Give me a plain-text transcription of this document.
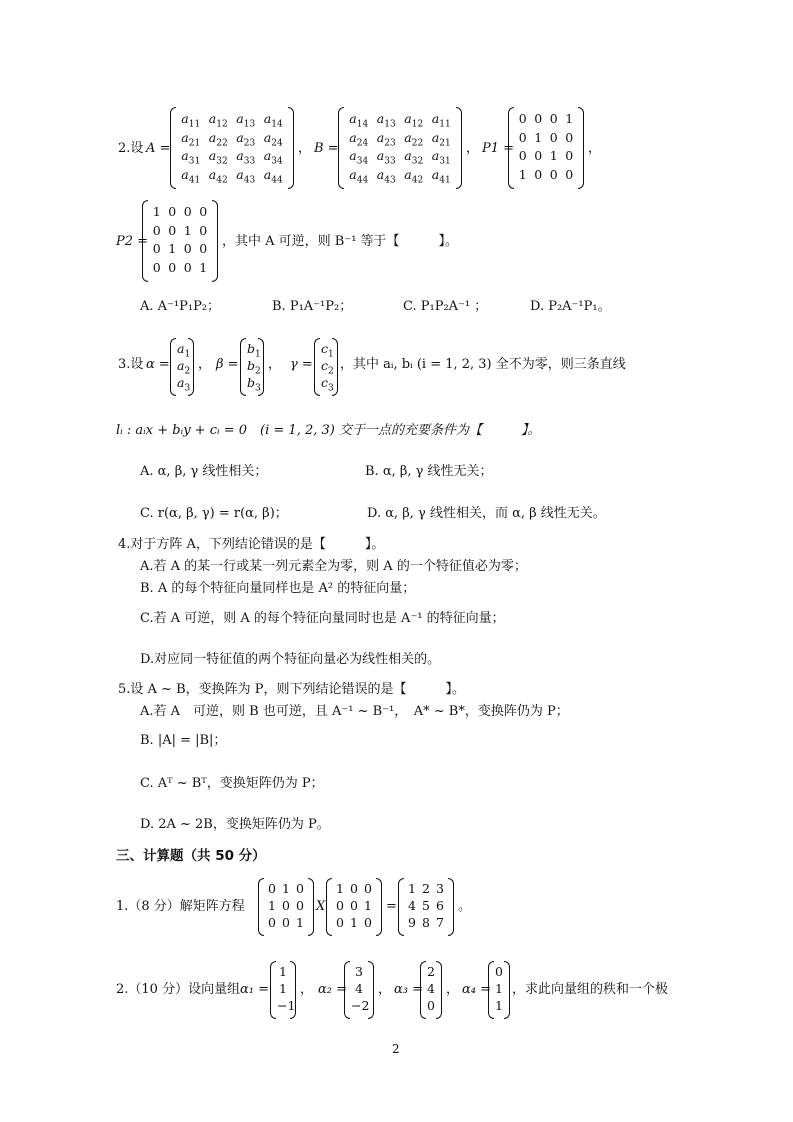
2.设 A =
$a_{11}$ $a_{12}$ $a_{13}$ $a_{14}$
$a_{21}$ $a_{22}$ $a_{23}$ $a_{24}$
$a_{31}$ $a_{32}$ $a_{33}$ $a_{34}$
$a_{41}$ $a_{42}$ $a_{43}$ $a_{44}$
， B =
$a_{14}$ $a_{13}$ $a_{12}$ $a_{11}$
$a_{24}$ $a_{23}$ $a_{22}$ $a_{21}$
$a_{34}$ $a_{33}$ $a_{32}$ $a_{31}$
$a_{44}$ $a_{43}$ $a_{42}$ $a_{41}$
， P1 =
0 0 0 1
0 1 0 0
0 0 1 0
1 0 0 0
，
P2 =
1 0 0 0
0 0 1 0
0 1 0 0
0 0 0 1
，其中 A 可逆，则 B⁻¹ 等于【　　　】。
A. A⁻¹P₁P₂；	B. P₁A⁻¹P₂；	C. P₁P₂A⁻¹ ；	D. P₂A⁻¹P₁。
3.设 α =
$a_1$
$a_2$
$a_3$
， β =
$b_1$
$b_2$
$b_3$
， γ =
$c_1$
$c_2$
$c_3$
，其中 aᵢ, bᵢ (i = 1, 2, 3) 全不为零，则三条直线
lᵢ : aᵢx + bᵢy + cᵢ = 0　(i = 1, 2, 3) 交于一点的充要条件为【　　　】。
A. α, β, γ 线性相关；	B. α, β, γ 线性无关；
C. r(α, β, γ) = r(α, β)；	D. α, β, γ 线性相关，而 α, β 线性无关。
4.对于方阵 A，下列结论错误的是【　　　】。
A.若 A 的某一行或某一列元素全为零，则 A 的一个特征值必为零；
B. A 的每个特征向量同样也是 A² 的特征向量；
C.若 A 可逆，则 A 的每个特征向量同时也是 A⁻¹ 的特征向量；
D.对应同一特征值的两个特征向量必为线性相关的。
5.设 A ~ B，变换阵为 P，则下列结论错误的是【　　　】。
A.若 A　可逆，则 B 也可逆，且 A⁻¹ ~ B⁻¹，　A* ~ B*，变换阵仍为 P；
B. |A| = |B|；
C. Aᵀ ~ Bᵀ，变换矩阵仍为 P；
D. 2A ~ 2B，变换矩阵仍为 P。
三、计算题（共 50 分）
1.（8 分）解矩阵方程
0 1 0
1 0 0
0 0 1
X
1 0 0
0 0 1
0 1 0
=
1 2 3
4 5 6
9 8 7
。
2.（10 分）设向量组 α₁ =
1
1
−1
， α₂ =
3
4
−2
， α₃ =
2
4
0
， α₄ =
0
1
1
，求此向量组的秩和一个极
2
